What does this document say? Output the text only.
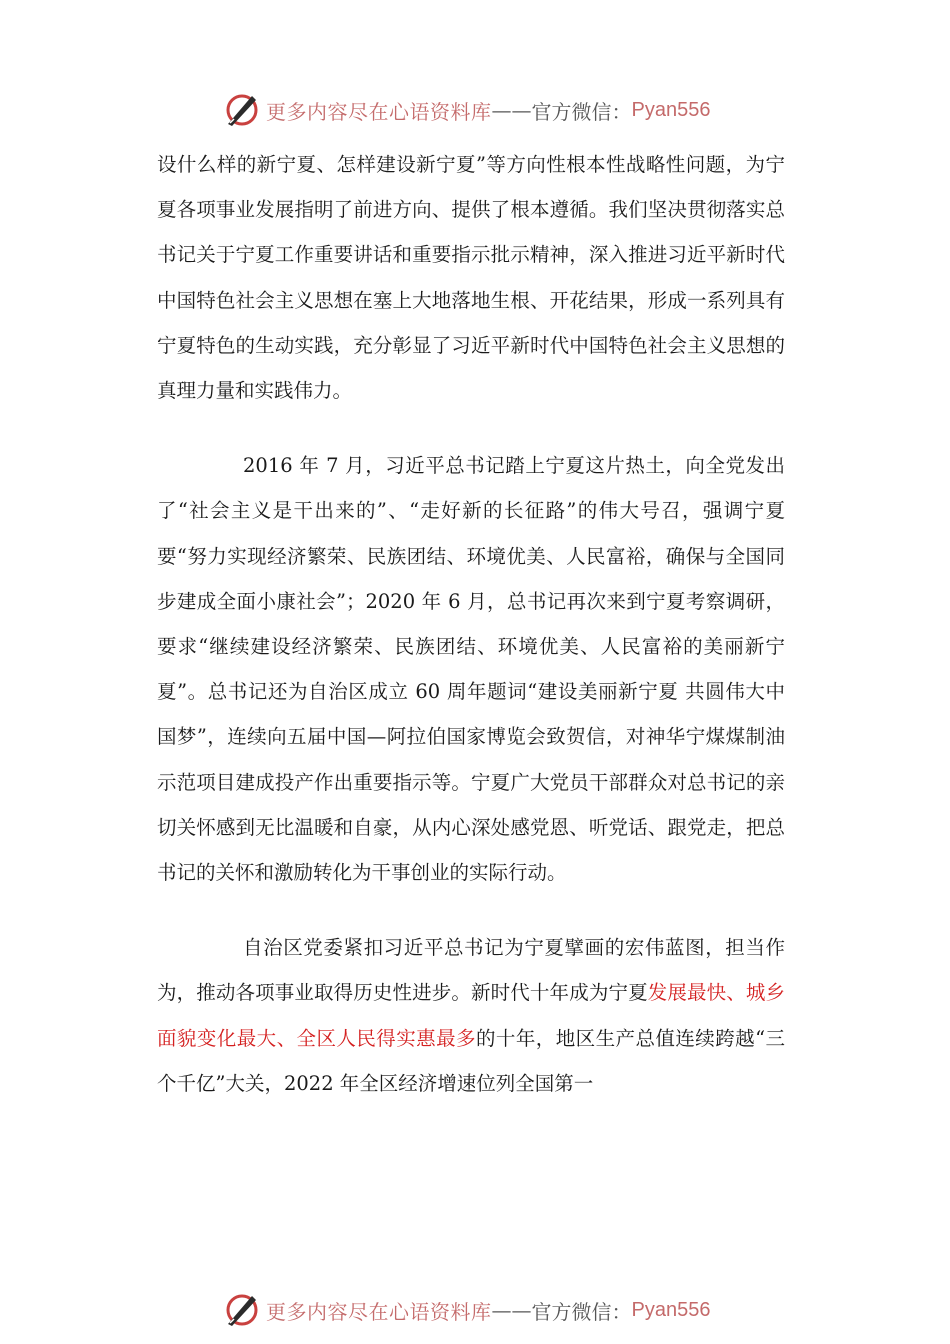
更多内容尽在心语资料库 —— 官方微信： Pyan556

设什么样的新宁夏、怎样建设新宁夏”等方向性根本性战略性问题，为宁夏各项事业发展指明了前进方向、提供了根本遵循。我们坚决贯彻落实总书记关于宁夏工作重要讲话和重要指示批示精神，深入推进习近平新时代中国特色社会主义思想在塞上大地落地生根、开花结果，形成一系列具有宁夏特色的生动实践，充分彰显了习近平新时代中国特色社会主义思想的真理力量和实践伟力。

2016 年 7 月，习近平总书记踏上宁夏这片热土，向全党发出了“社会主义是干出来的”、“走好新的长征路”的伟大号召，强调宁夏要“努力实现经济繁荣、民族团结、环境优美、人民富裕，确保与全国同步建成全面小康社会”；2020 年 6 月，总书记再次来到宁夏考察调研，要求“继续建设经济繁荣、民族团结、环境优美、人民富裕的美丽新宁夏”。总书记还为自治区成立 60 周年题词“建设美丽新宁夏 共圆伟大中国梦”，连续向五届中国—阿拉伯国家博览会致贺信，对神华宁煤煤制油示范项目建成投产作出重要指示等。宁夏广大党员干部群众对总书记的亲切关怀感到无比温暖和自豪，从内心深处感党恩、听党话、跟党走，把总书记的关怀和激励转化为干事创业的实际行动。

自治区党委紧扣习近平总书记为宁夏擘画的宏伟蓝图，担当作为，推动各项事业取得历史性进步。新时代十年成为宁夏发展最快、城乡面貌变化最大、全区人民得实惠最多的十年，地区生产总值连续跨越“三个千亿”大关，2022 年全区经济增速位列全国第一

更多内容尽在心语资料库 —— 官方微信： Pyan556
